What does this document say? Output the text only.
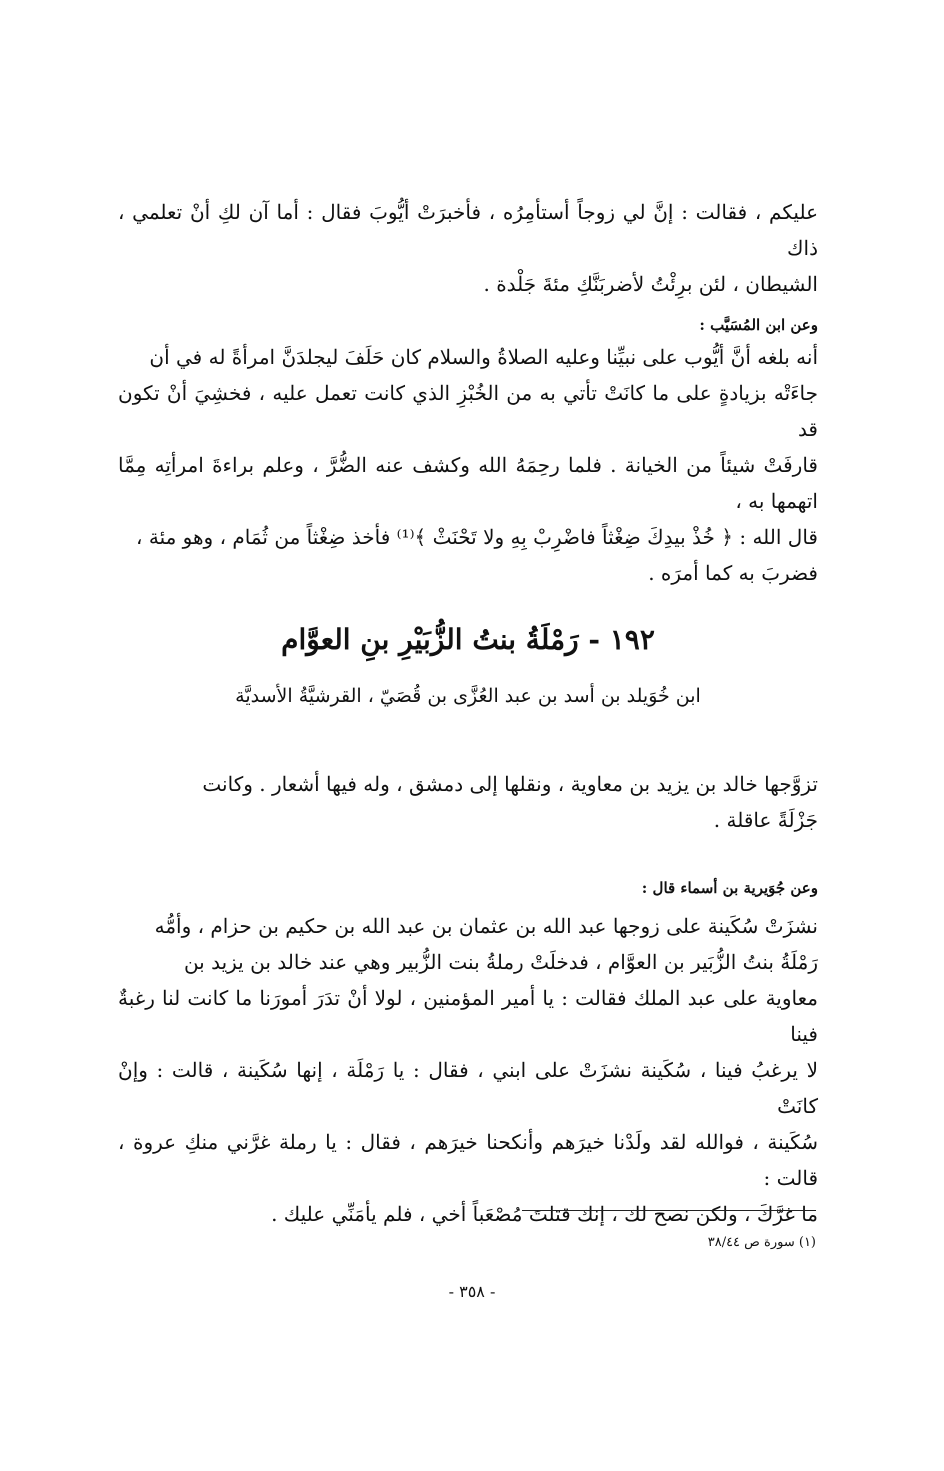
عليكم ، فقالت : إنَّ لي زوجاً أستأمِرُه ، فأخبرَتْ أيُّوبَ فقال : أما آن لكِ أنْ تعلمي ، ذاك
الشيطان ، لئن برِئْتُ لأضربَنَّكِ مئةَ جَلْدة .
وعن ابن المُسَيَّب :
أنه بلغه أنَّ أيُّوب على نبيِّنا وعليه الصلاةُ والسلام كان حَلَفَ ليجلدَنَّ امرأةً له في أن
جاءَتْه بزيادةٍ على ما كانَتْ تأتي به من الخُبْزِ الذي كانت تعمل عليه ، فخشِيَ أنْ تكون قد
قارفَتْ شيئاً من الخيانة . فلما رحِمَهُ الله وكشف عنه الضُّرَّ ، وعلم براءةَ امرأتِه مِمَّا اتهمها به ،
قال الله : ﴿ خُذْ بيدِكَ ضِغْثاً فاضْرِبْ بِهِ ولا تَحْنَثْ ﴾⁽¹⁾ فأخذ ضِغْثاً من ثُمَام ، وهو مئة ،
فضربَ به كما أمرَه .
١٩٢ - رَمْلَةُ بنتُ الزُّبَيْرِ بنِ العوَّام
ابن خُوَيلد بن أسد بن عبد العُزَّى بن قُصَيّ ، القرشيَّةُ الأسديَّة
تزوَّجها خالد بن يزيد بن معاوية ، ونقلها إلى دمشق ، وله فيها أشعار . وكانت
جَزْلَةً عاقلة .
وعن جُوَيرية بن أسماء قال :
نشزَتْ سُكَينة على زوجها عبد الله بن عثمان بن عبد الله بن حكيم بن حزام ، وأمُّه
رَمْلَةُ بنتُ الزُّبَير بن العوَّام ، فدخلَتْ رملةُ بنت الزُّبير وهي عند خالد بن يزيد بن
معاوية على عبد الملك فقالت : يا أمير المؤمنين ، لولا أنْ تدَرَ أمورَنا ما كانت لنا رغبةٌ فينا
لا يرغبُ فينا ، سُكَينة نشزَتْ على ابني ، فقال : يا رَمْلَة ، إنها سُكَينة ، قالت : وإنْ كانَتْ
سُكَينة ، فوالله لقد ولَدْنا خيرَهم وأنكحنا خيرَهم ، فقال : يا رملة غرَّني منكِ عروة ، قالت :
ما غرَّكَ ، ولكن نصح لك ، إنك قتلتَ مُصْعَباً أخي ، فلم يأمَنِّي عليك .
(١) سورة ص ٣٨/٤٤
- ٣٥٨ -
